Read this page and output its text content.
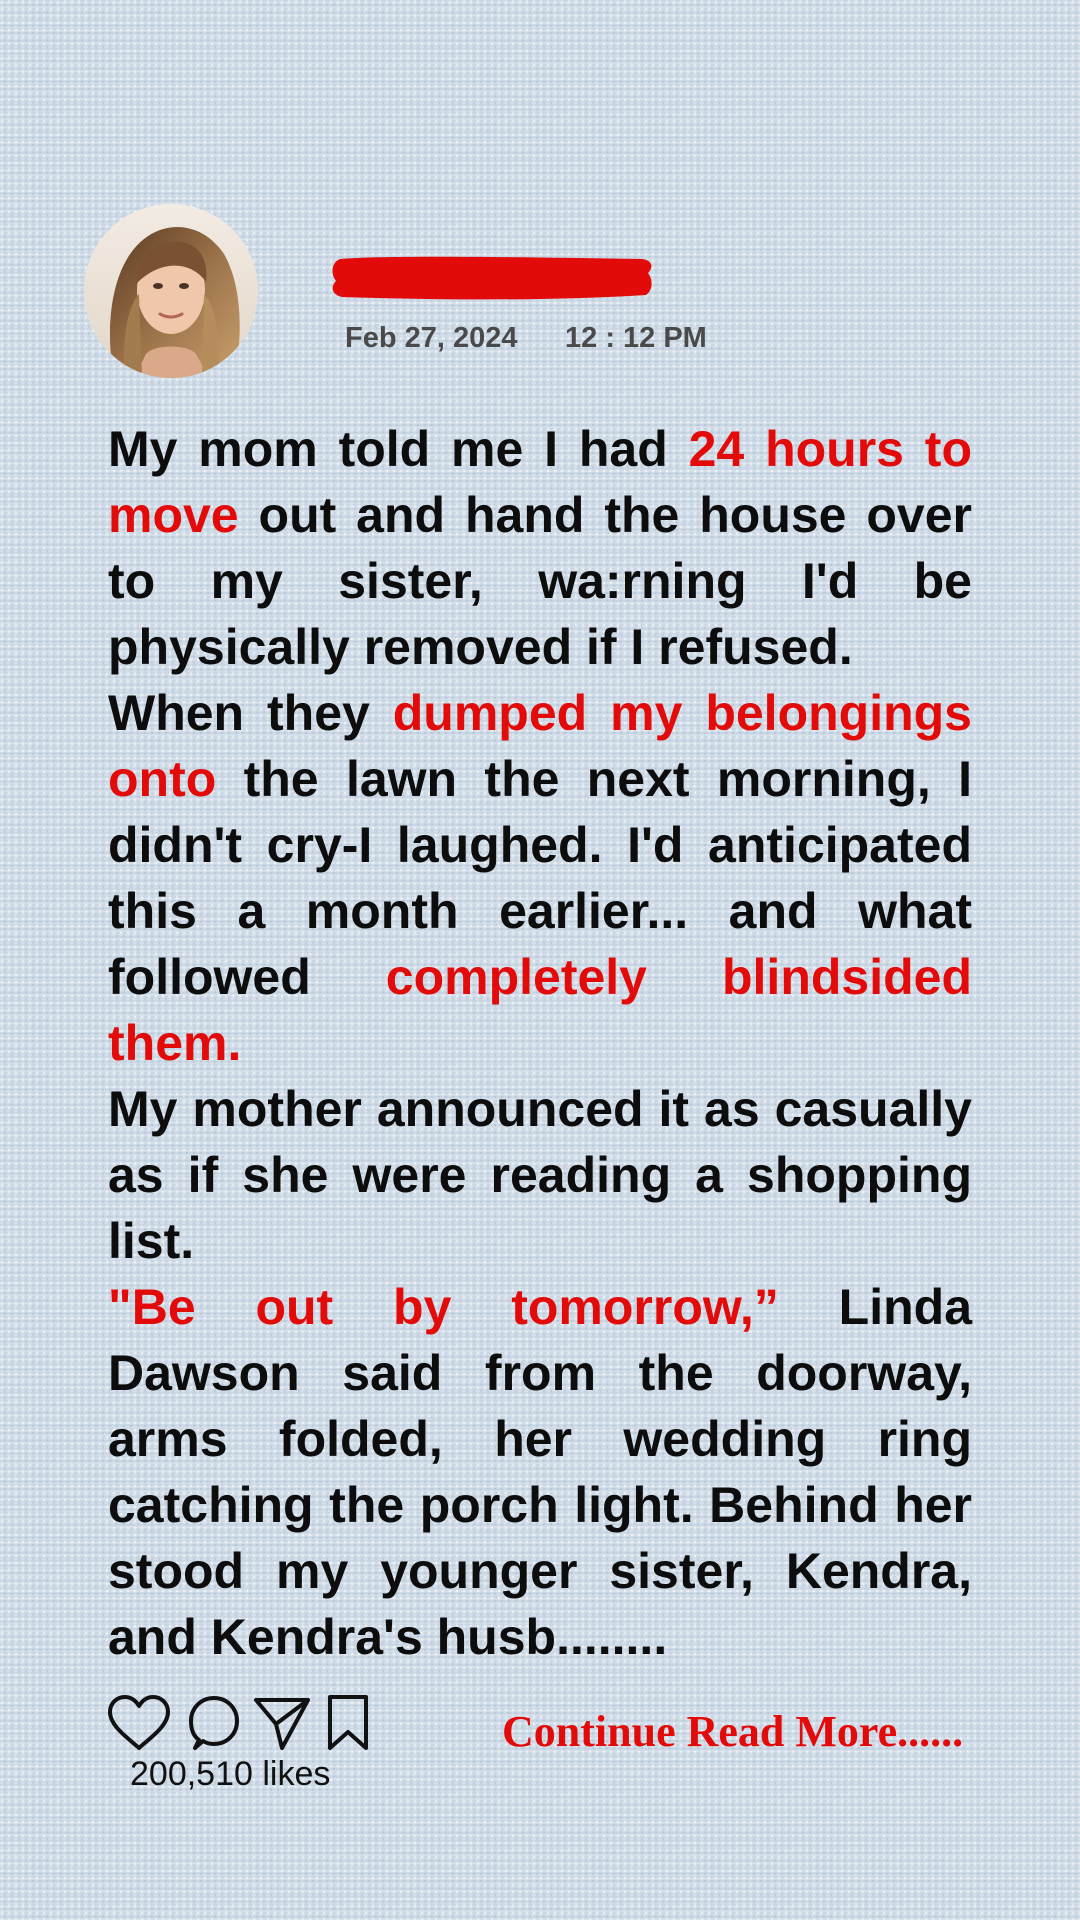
Feb 27, 2024 12 : 12 PM

My mom told me I had 24 hours to move out and hand the house over to my sister, wa:rning I'd be physically removed if I refused.

When they dumped my belongings onto the lawn the next morning, I didn't cry-I laughed. I'd anticipated this a month earlier... and what followed completely blindsided them.

My mother announced it as casually as if she were reading a shopping list.

"Be out by tomorrow,” Linda Dawson said from the doorway, arms folded, her wedding ring catching the porch light. Behind her stood my younger sister, Kendra, and Kendra's husb........

200,510 likes
Continue Read More......
